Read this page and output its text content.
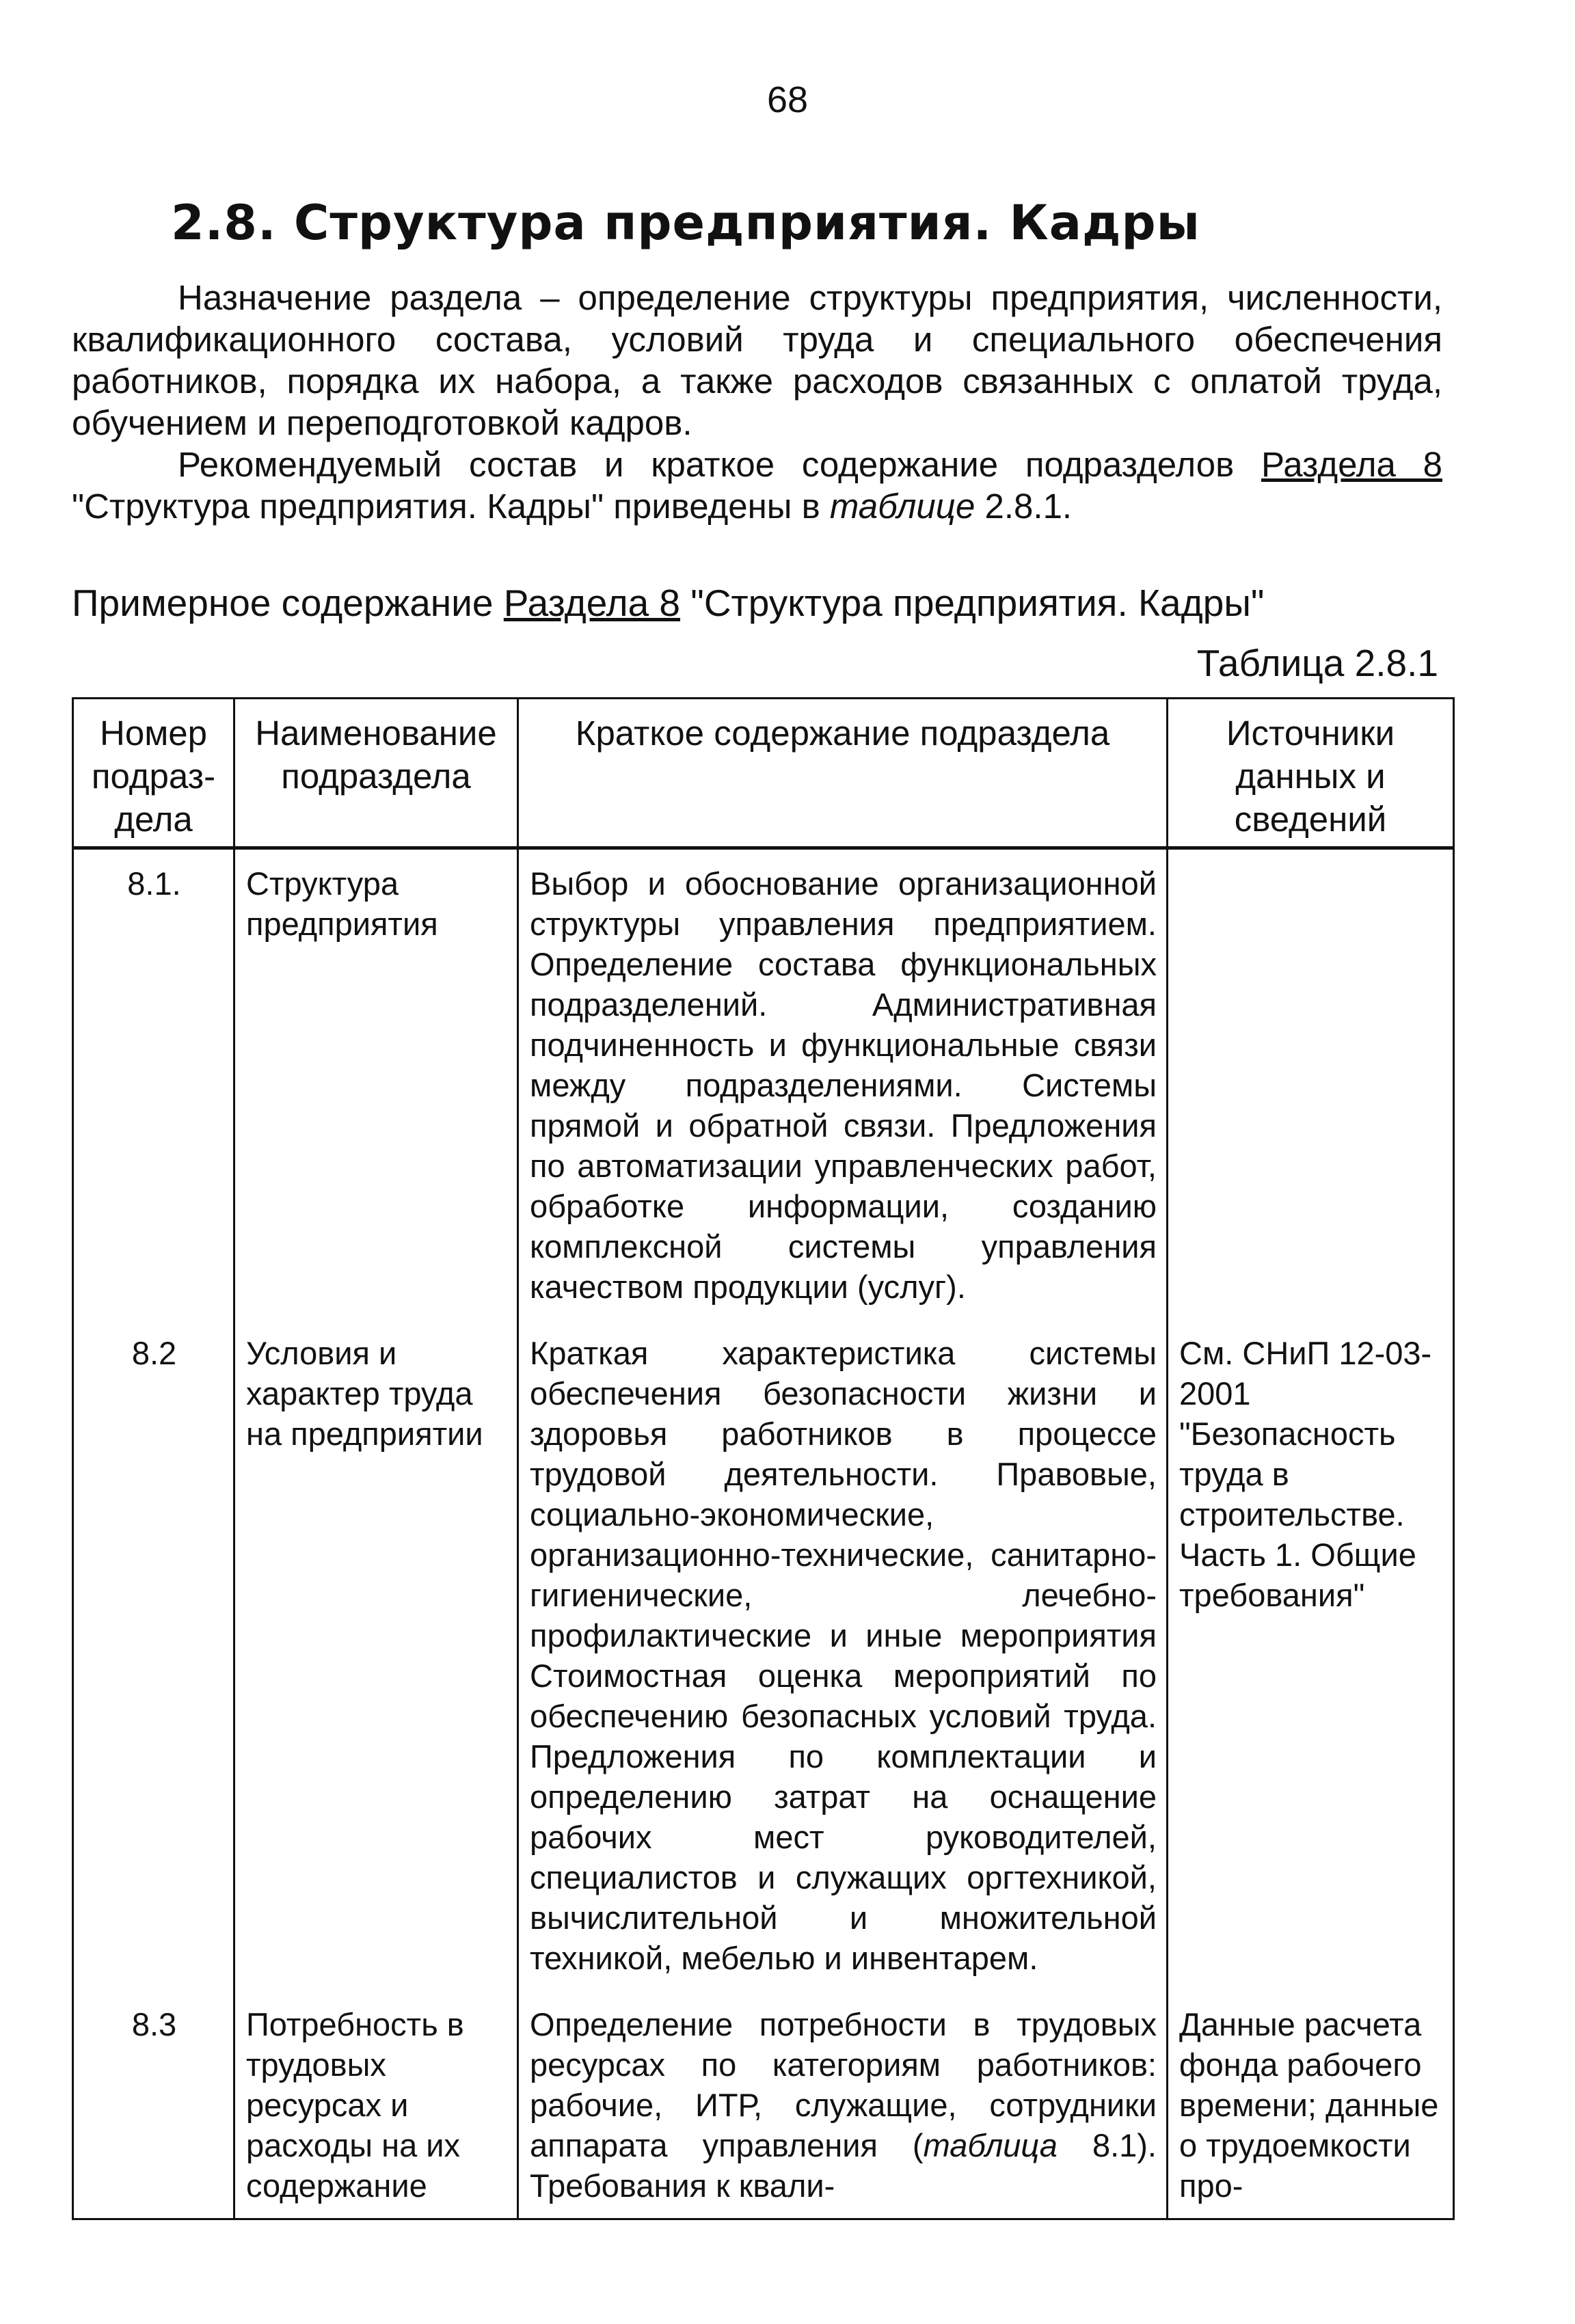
68
2.8. Структура предприятия. Кадры

Назначение раздела – определение структуры предприятия, численности, квалификационного состава, условий труда и специального обеспечения работников, порядка их набора, а также расходов связанных с оплатой труда, обучением и переподготовкой кадров.

Рекомендуемый состав и краткое содержание подразделов Раздела 8 "Структура предприятия. Кадры" приведены в таблице 2.8.1.

Примерное содержание Раздела 8 "Структура предприятия. Кадры"
Таблица 2.8.1
Номер подраз-дела	Наименование подраздела	Краткое содержание подраздела	Источники данных и сведений
8.1.	Структура предприятия	Выбор и обоснование организационной структуры управления предприятием. Определение состава функциональных подразделений. Административная подчиненность и функциональные связи между подразделениями. Системы прямой и обратной связи. Предложения по автоматизации управленческих работ, обработке информации, созданию комплексной системы управления качеством продукции (услуг).	
8.2	Условия и характер труда на предприятии	Краткая характеристика системы обеспечения безопасности жизни и здоровья работников в процессе трудовой деятельности. Правовые, социально-экономические, организационно-технические, санитарно-гигиенические, лечебно-профилактические и иные мероприятия Стоимостная оценка мероприятий по обеспечению безопасных условий труда. Предложения по комплектации и определению затрат на оснащение рабочих мест руководителей, специалистов и служащих оргтехникой, вычислительной и множительной техникой, мебелью и инвентарем.	См. СНиП 12-03-2001 "Безопасность труда в строительстве. Часть 1. Общие требования"
8.3	Потребность в трудовых ресурсах и расходы на их содержание	Определение потребности в трудовых ресурсах по категориям работников: рабочие, ИТР, служащие, сотрудники аппарата управления (таблица 8.1). Требования к квали-	Данные расчета фонда рабочего времени; данные о трудоемкости про-
